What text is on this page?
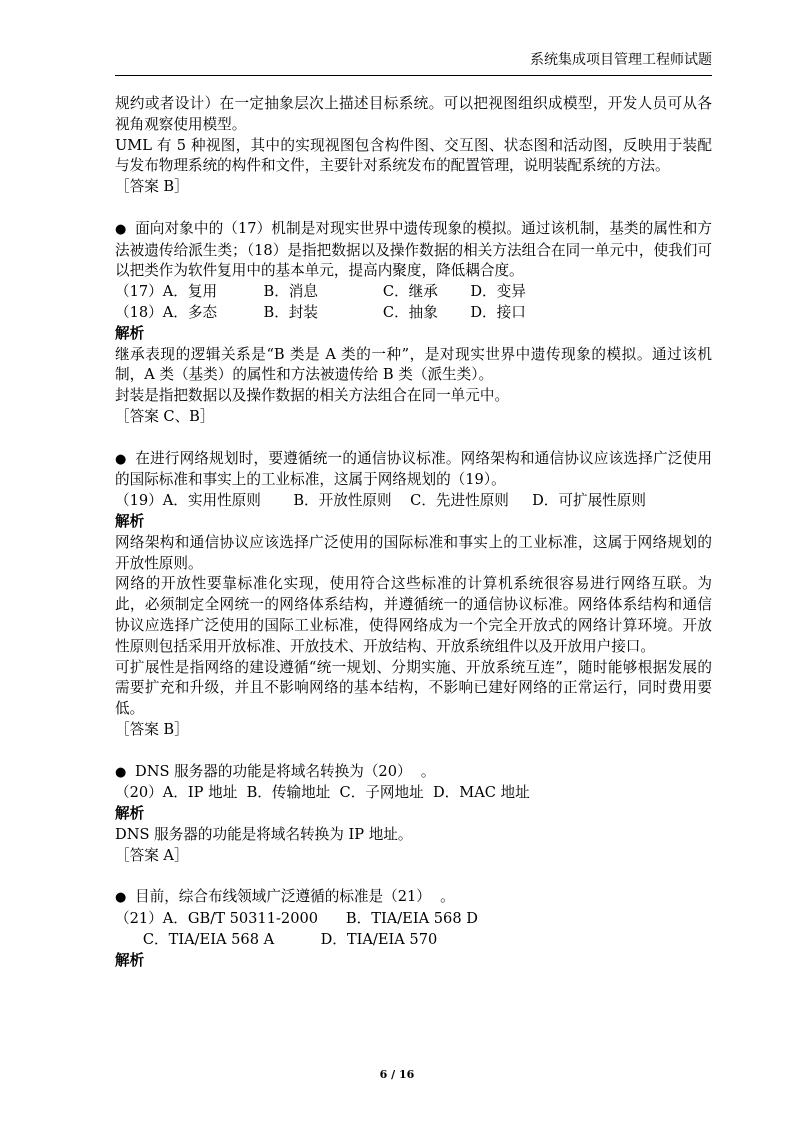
系统集成项目管理工程师试题

规约或者设计）在一定抽象层次上描述目标系统。可以把视图组织成模型，开发人员可从各视角观察使用模型。

UML 有 5 种视图，其中的实现视图包含构件图、交互图、状态图和活动图，反映用于装配与发布物理系统的构件和文件，主要针对系统发布的配置管理，说明装配系统的方法。

［答案 B］

● 面向对象中的（17）机制是对现实世界中遗传现象的模拟。通过该机制，基类的属性和方法被遗传给派生类；（18）是指把数据以及操作数据的相关方法组合在同一单元中，使我们可以把类作为软件复用中的基本单元，提高内聚度，降低耦合度。

（17）A．复用          B．消息              C．继承       D．变异

（18）A．多态          B．封装              C．抽象       D．接口

解析

继承表现的逻辑关系是“B 类是 A 类的一种”，是对现实世界中遗传现象的模拟。通过该机制，A 类（基类）的属性和方法被遗传给 B 类（派生类）。

封装是指把数据以及操作数据的相关方法组合在同一单元中。

［答案 C、B］

● 在进行网络规划时，要遵循统一的通信协议标准。网络架构和通信协议应该选择广泛使用的国际标准和事实上的工业标准，这属于网络规划的（19）。

（19）A．实用性原则       B．开放性原则    C．先进性原则     D．可扩展性原则

解析

网络架构和通信协议应该选择广泛使用的国际标准和事实上的工业标准，这属于网络规划的开放性原则。

网络的开放性要靠标准化实现，使用符合这些标准的计算机系统很容易进行网络互联。为此，必须制定全网统一的网络体系结构，并遵循统一的通信协议标准。网络体系结构和通信协议应选择广泛使用的国际工业标准，使得网络成为一个完全开放式的网络计算环境。开放性原则包括采用开放标准、开放技术、开放结构、开放系统组件以及开放用户接口。

可扩展性是指网络的建设遵循“统一规划、分期实施、开放系统互连”，随时能够根据发展的需要扩充和升级，并且不影响网络的基本结构，不影响已建好网络的正常运行，同时费用要低。

［答案 B］

● DNS 服务器的功能是将域名转换为（20）  。

（20）A．IP 地址  B．传输地址  C．子网地址  D．MAC 地址

解析

DNS 服务器的功能是将域名转换为 IP 地址。

［答案 A］

● 目前，综合布线领域广泛遵循的标准是（21）  。

（21）A．GB/T 50311-2000      B．TIA/EIA 568 D

C．TIA/EIA 568 A          D．TIA/EIA 570

解析

6 / 16
